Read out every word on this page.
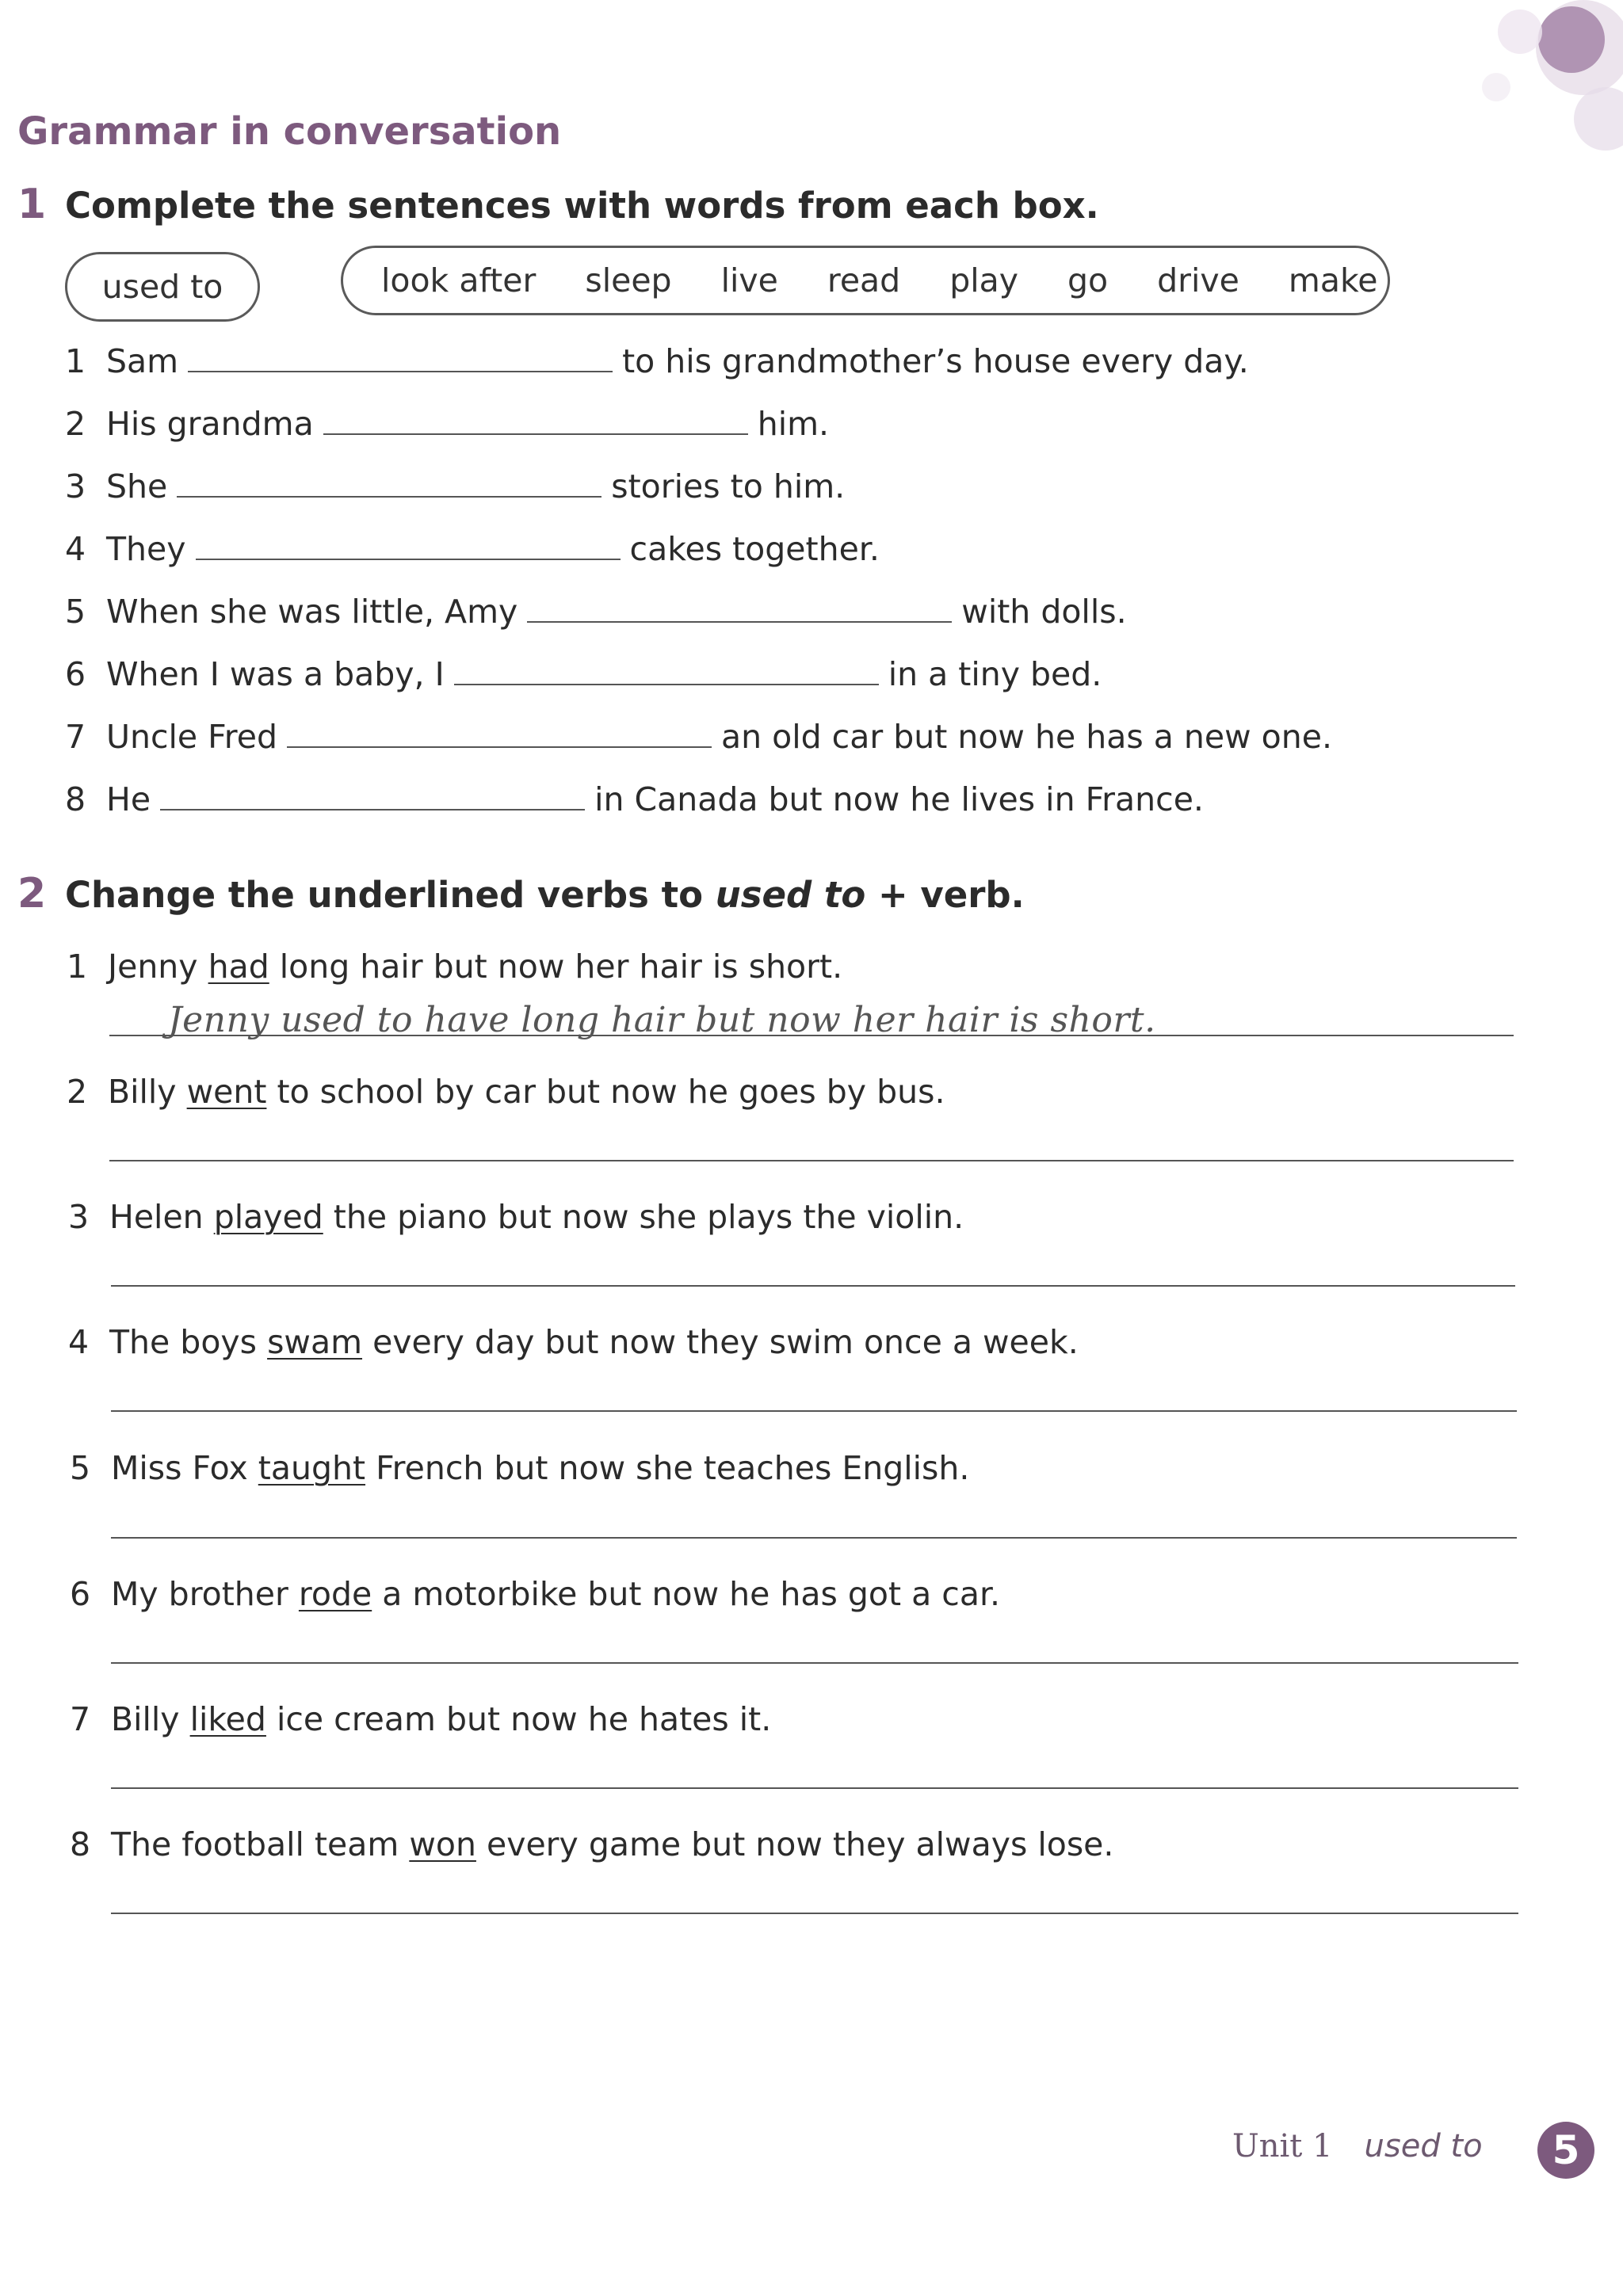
Grammar in conversation
1 Complete the sentences with words from each box.
used to	look after sleep live read play go drive make
1 Sam	to his grandmother’s house every day.
2 His grandma	him.
3 She	stories to him.
4 They	cakes together.
5 When she was little, Amy	with dolls.
6 When I was a baby, I	in a tiny bed.
7 Uncle Fred	an old car but now he has a new one.
8 He	in Canada but now he lives in France.
2 Change the underlined verbs to used to + verb.
1 Jenny had long hair but now her hair is short.
Jenny used to have long hair but now her hair is short.
2 Billy went to school by car but now he goes by bus.
3 Helen played the piano but now she plays the violin.
4 The boys swam every day but now they swim once a week.
5 Miss Fox taught French but now she teaches English.
6 My brother rode a motorbike but now he has got a car.
7 Billy liked ice cream but now he hates it.
8 The football team won every game but now they always lose.
Unit 1 used to	5
